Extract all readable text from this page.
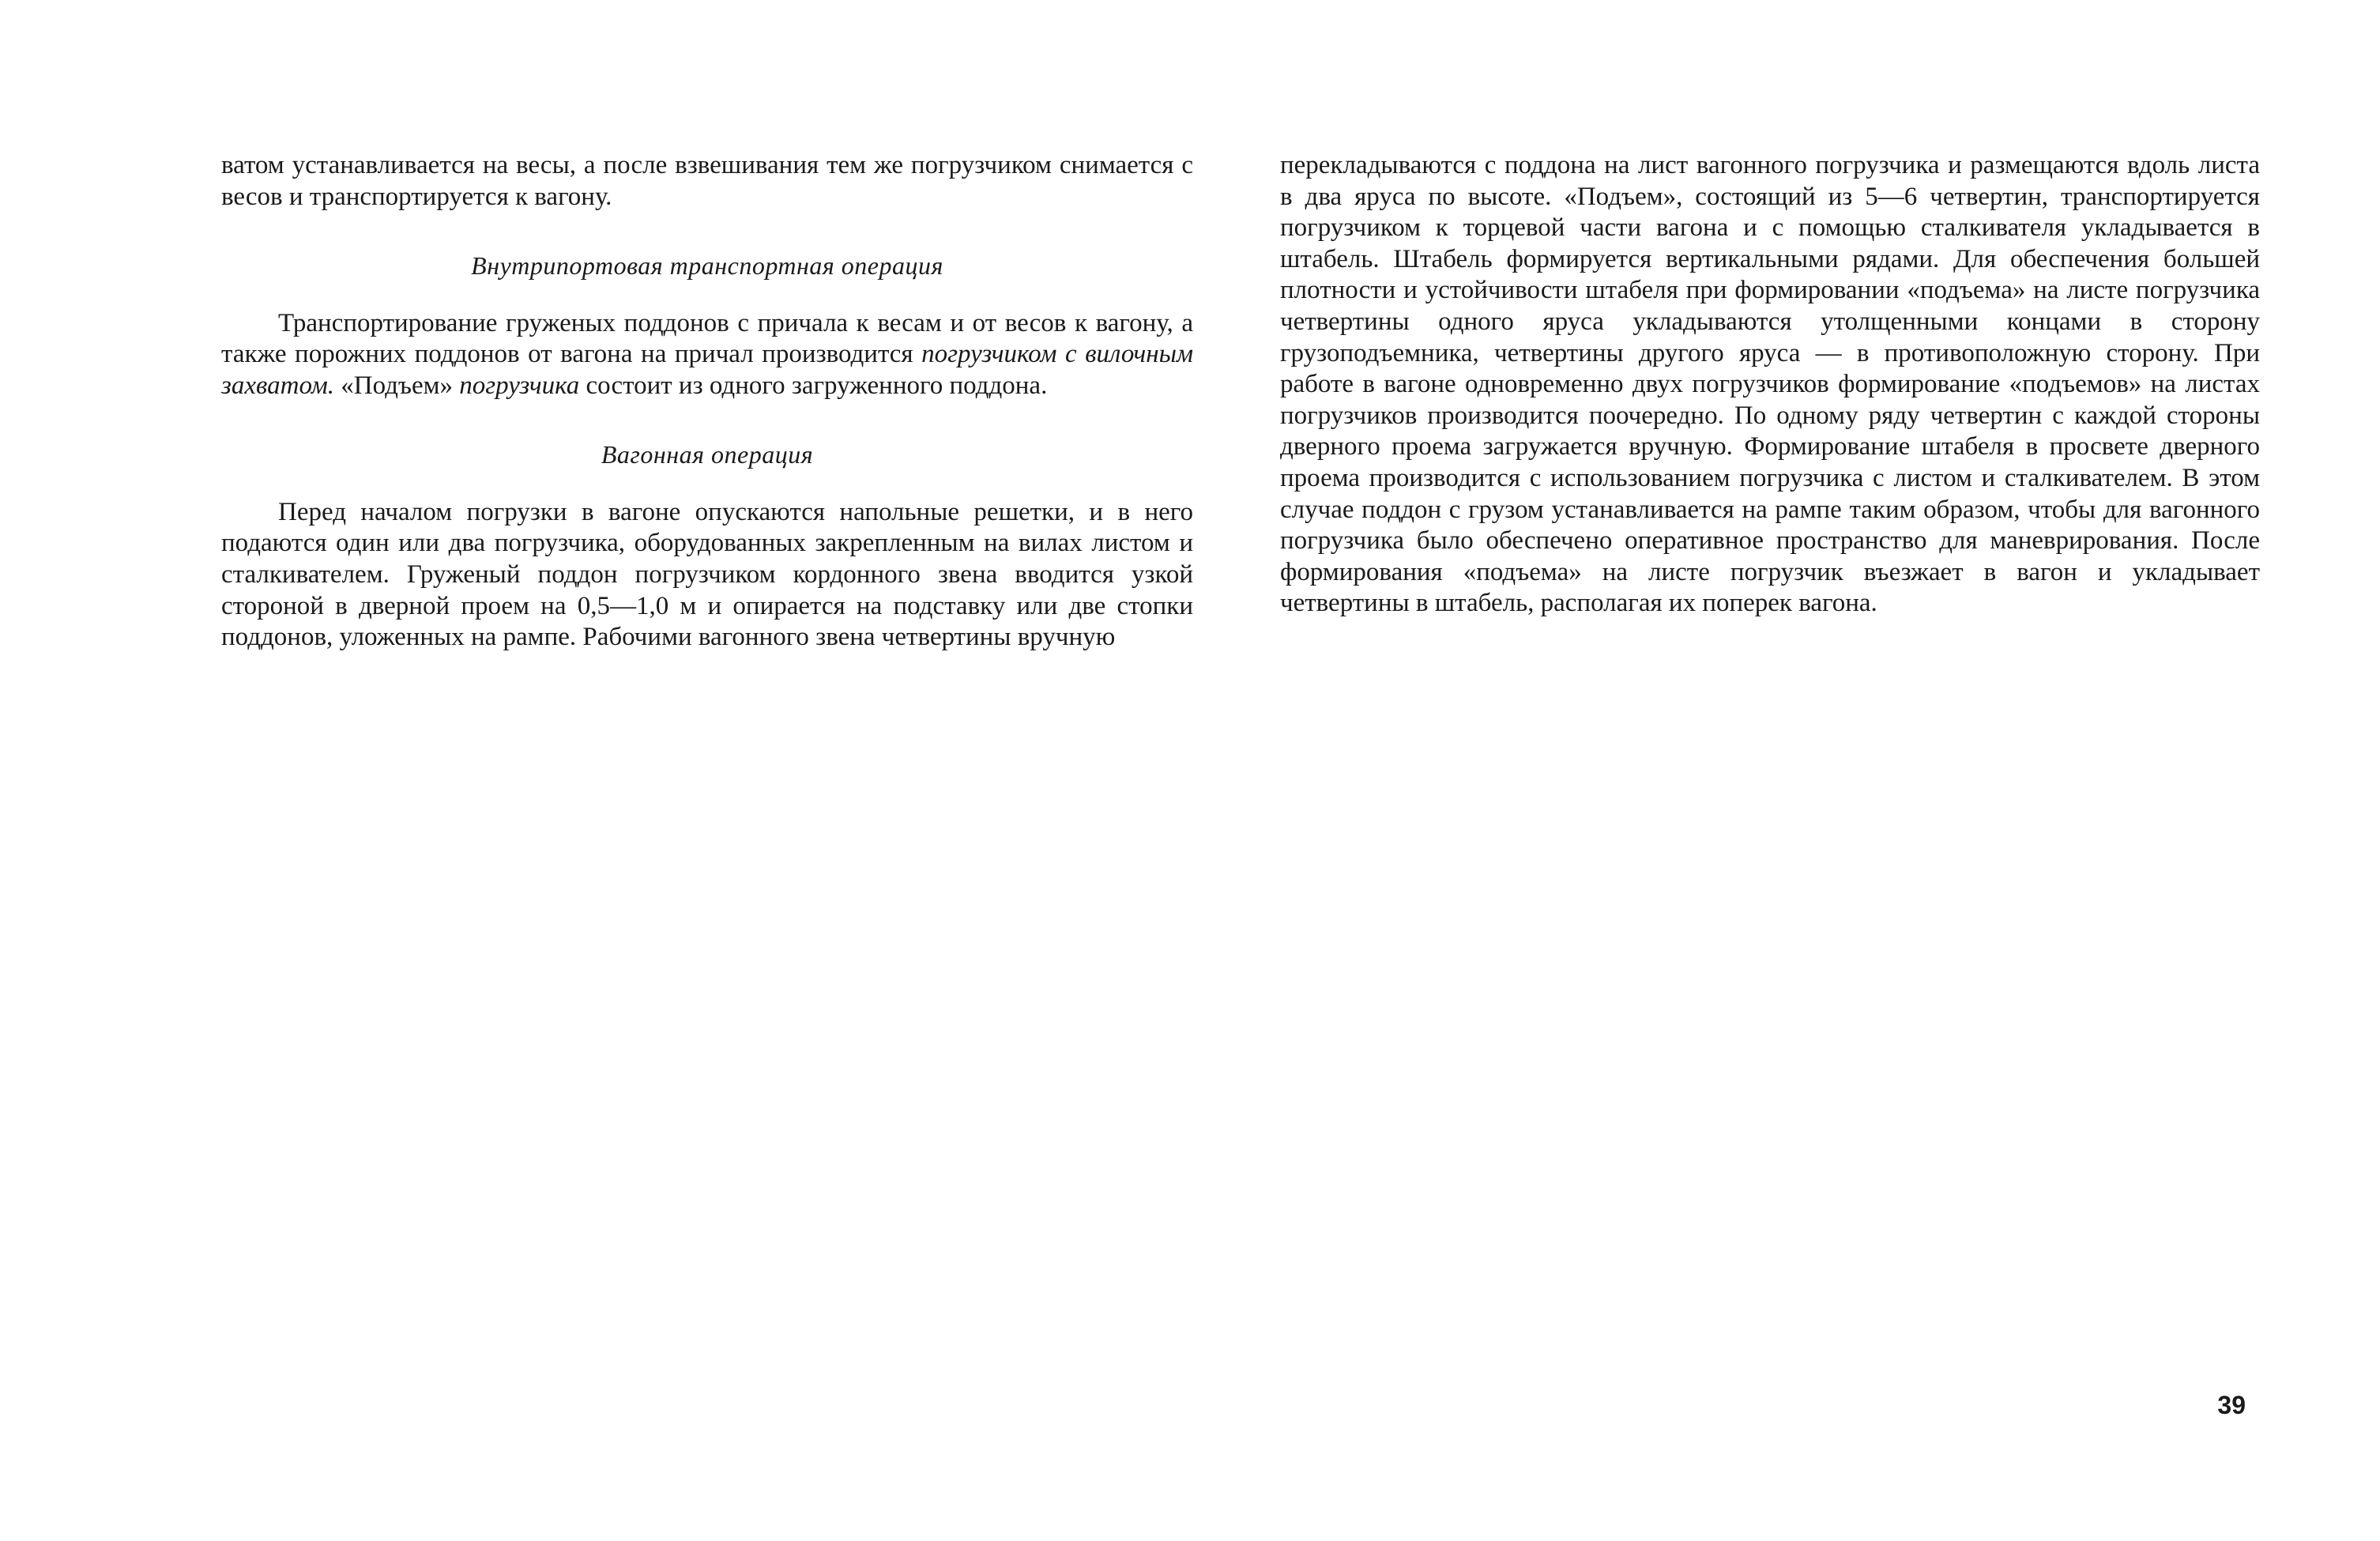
ватом устанавливается на весы, а после взвешивания тем же погрузчиком снимается с весов и транспортируется к вагону.

Внутрипортовая транспортная операция

Транспортирование груженых поддонов с причала к весам и от весов к вагону, а также порожних поддонов от вагона на причал производится погрузчиком с вилочным захватом. «Подъем» погрузчика состоит из одного загруженного поддона.

Вагонная операция

Перед началом погрузки в вагоне опускаются напольные решетки, и в него подаются один или два погрузчика, оборудованных закрепленным на вилах листом и сталкивателем. Груженый поддон погрузчиком кордонного звена вводится узкой стороной в дверной проем на 0,5—1,0 м и опирается на подставку или две стопки поддонов, уложенных на рампе. Рабочими вагонного звена четвертины вручную

перекладываются с поддона на лист вагонного погрузчика и размещаются вдоль листа в два яруса по высоте. «Подъем», состоящий из 5—6 четвертин, транспортируется погрузчиком к торцевой части вагона и с помощью сталкивателя укладывается в штабель. Штабель формируется вертикальными рядами. Для обеспечения большей плотности и устойчивости штабеля при формировании «подъема» на листе погрузчика четвертины одного яруса укладываются утолщенными концами в сторону грузоподъемника, четвертины другого яруса — в противоположную сторону. При работе в вагоне одновременно двух погрузчиков формирование «подъемов» на листах погрузчиков производится поочередно. По одному ряду четвертин с каждой стороны дверного проема загружается вручную. Формирование штабеля в просвете дверного проема производится с использованием погрузчика с листом и сталкивателем. В этом случае поддон с грузом устанавливается на рампе таким образом, чтобы для вагонного погрузчика было обеспечено оперативное пространство для маневрирования. После формирования «подъема» на листе погрузчик въезжает в вагон и укладывает четвертины в штабель, располагая их поперек вагона.

39
